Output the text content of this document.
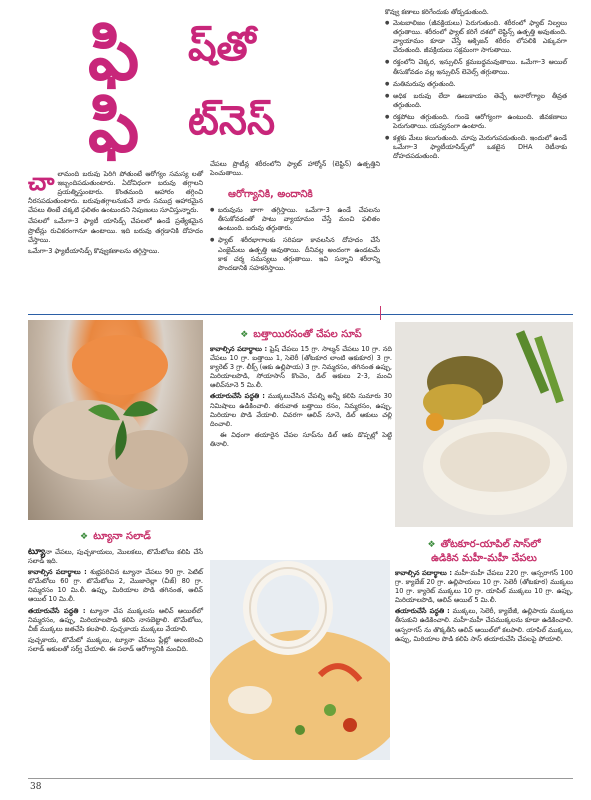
ఫి ష్‌తో
ఫి ట్‌నెస్
చా లామంది బరువు పెరిగి పోతుంటే ఆరోగ్యం సమస్య లతో ఇబ్బందిపడుతుంటారు. ఏదోవిధంగా బరువు తగ్గాలని ప్రయత్నిస్తుంటారు. కొంతమంది ఆహారం తగ్గించి నీరసపడుతుంటారు. బరువుతగ్గాలనుకునే వారు సముద్ర ఆహారమైన చేపలు తింటే చక్కటి ఫలితం ఉంటుందని నిపుణులు సూచిస్తున్నారు.

చేపలలో ఒమేగా-3 ఫ్యాటీ యాసిడ్స్ చేపలలో ఉండే ప్రత్యేకమైన ప్రొటీన్లు రుచికరంగానూ ఉంటాయి. ఇది బరువు తగ్గడానికి దోహదం చేస్తాయి.

ఒమేగా-3 ఫ్యాటీయాసిడ్స్ కొవ్వుకణాలను తగ్గిస్తాయి.

చేపలు ప్రొటీన్ల శరీరంలోని ఫ్యాట్ హార్మోన్ (లెప్టిన్) ఉత్పత్తిని పెంచుతాయి.

ఆరోగ్యానికి, అందానికి

● బరువును బాగా తగ్గిస్తాయి. ఒమేగా-3 ఉండే చేపలను తీసుకోవడంతో పాటు వ్యాయామం చేస్తే మంచి ఫలితం ఉంటుంది. బరువు తగ్గుతారు.

● ఫ్యాట్ శరీరభాగాలకు సరిపడా కావలసిన దోహదం చేసే ఎంజైమ్‌లు ఉత్పత్తి అవుతాయి. దీనివల్ల అందంగా ఉండటమే కాక చర్మ సమస్యలు తగ్గుతాయి. ఇవి సన్నాని శరీరాన్ని పొందడానికి సహకరిస్తాయి.

కొవ్వు కణాలు కరిగేందుకు తోడ్పడుతుంది.

● మెటబాలిజం (జీవక్రియలు) పెరుగుతుంది. శరీరంలో ఫ్యాట్ నిల్వలు తగ్గుతాయి. శరీరంలో ఫ్యాట్ కరిగే దశలో లెప్టిన్స్ ఉత్పత్తి అవుతుంది. వ్యాయామం కూడా చేస్తే ఆక్సిజన్ శరీరం లోపలికి ఎక్కువగా చేరుతుంది. జీవక్రియలు సక్రమంగా సాగుతాయి.

● రక్తంలోని చెక్కర, ఇన్సులిన్ క్రమబద్ధమవుతాయి. ఒమేగా-3 ఆయిల్ తీసుకోవడం వల్ల ఇన్సులిన్ లెవెల్స్ తగ్గుతాయి.

● మతిమరుపు తగ్గుతుంది.

● అధిక బరువు లేదా ఊబకాయం తెచ్చే అనారోగ్యాల తీవ్రత తగ్గుతుంది.

● రక్తపోటు తగ్గుతుంది. గుండె ఆరోగ్యంగా ఉంటుంది. జీవకణాలు పెరుగుతాయి. యవ్వనంగా ఉంటారు.

● కళ్లకు మేలు కలుగుతుంది. చూపు మెరుగుపడుతుంది. ఇందులో ఉండే ఒమేగా-3 ఫ్యాటీయాసిడ్స్‌లో ఒకటైన DHA రెటీనాకు దోహదపడుతుంది.

❖ ట్యూనా సలాడ్
ట్యూనా చేపలు, పుచ్చకాయలు, మొలకలు, టొమేటోలు కలిపి చేసే సలాడ్ ఇది.

కావాల్సిన పదార్థాలు : శుభ్రపరిచిన ట్యూనా చేపలు 90 గ్రా. పెటిట్ టొమేటోలు 60 గ్రా. టొమేటోలు 2, మొజారెల్లా (చీజ్) 80 గ్రా. నిమ్మరసం 10 మి.లీ. ఉప్పు, మిరియాల పొడి తగినంత, ఆలివ్ ఆయిల్ 10 మి.లీ.

తయారుచేసే పద్ధతి : ట్యూనా చేప ముక్కలను ఆలివ్ ఆయిల్‌లో నిమ్మరసం, ఉప్పు, మిరియాలపొడి కలిపి నానబెట్టాలి. టొమేటోలు, చీజ్ ముక్కలు జతచేసి కలపాలి. పుచ్చకాయ ముక్కలు వేయాలి.

పుచ్చకాయ, టొమేటో ముక్కలు, ట్యూనా చేపలు ప్లేట్లో అలంకరించి సలాడ్ ఆకులతో సర్వ్ చేయాలి. ఈ సలాడ్ ఆరోగ్యానికి మంచిది.

❖ బత్తాయిరసంతో చేపల సూప్

కావాల్సిన పదార్థాలు : ఫ్రెష్ చేపలు 15 గ్రా. సాల్మన్ చేపలు 10 గ్రా. నది చేపలు 10 గ్రా. బత్తాయి 1, సెలెరీ (తోటకూర లాంటి ఆకుకూర) 3 గ్రా. క్యారెట్ 3 గ్రా. లీక్స్ (ఆకు ఉల్లిపాయ) 3 గ్రా. నిమ్మరసం, తగినంత ఉప్పు, మిరియాలపొడి, సోయాసాస్ కొంచెం, డిల్ ఆకులు 2-3, మంచి ఆలివ్‌నూనె 5 మి.లీ.

తయారుచేసే పద్ధతి : ముక్కలుచేసిన చేపల్ని అన్నీ కలిపి సుమారు 30 నిమిషాలు ఉడికించాలి. తరువాత బత్తాయి రసం, నిమ్మరసం, ఉప్పు, మిరియాల పొడి వేయాలి. చివరగా ఆలివ్ నూనె, డిల్ ఆకులు చల్లి దించాలి.

ఈ విధంగా తయారైన చేపల సూప్‌ను డిల్ ఆకు డొప్పల్లో పెట్టి తినాలి.

❖ తోటకూర-యాపిల్ సాస్‌లో
ఉడికిన మహీ-మహీ చేపలు

కావాల్సిన పదార్థాలు : మహీ-మహీ చేపలు 220 గ్రా. ఆస్పరాగస్ 100 గ్రా. క్యాబేజ్ 20 గ్రా. ఉల్లిపాయలు 10 గ్రా. సెలెరీ (తోటకూర) ముక్కలు 10 గ్రా. క్యారెట్ ముక్కలు 10 గ్రా. యాపిల్ ముక్కలు 10 గ్రా. ఉప్పు, మిరియాలపొడి, ఆలివ్ ఆయిల్ 5 మి.లీ.

తయారుచేసే పద్ధతి : ముక్కలు, సెలెరీ, క్యాబేజీ, ఉల్లిపాయ ముక్కలు తీసుకుని ఉడికించాలి. మహీ-మహీ చేపముక్కలను కూడా ఉడికించాలి. ఆస్పరాగస్ ను తొక్కతీసి ఆలివ్ ఆయిల్‌లో కలపాలి. యాపిల్ ముక్కలు, ఉప్పు, మిరియాల పొడి కలిపి సాస్ తయారుచేసి చేపలపై పోయాలి.

38
